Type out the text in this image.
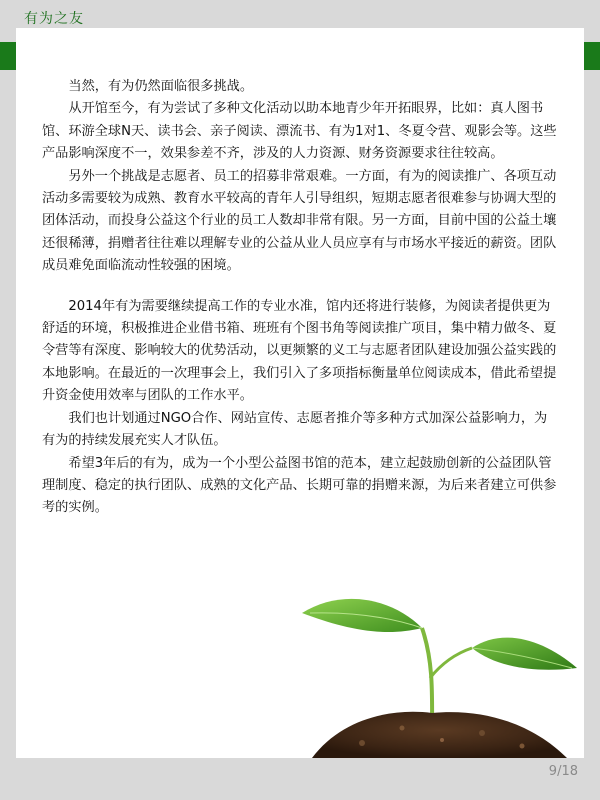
有为之友

当然，有为仍然面临很多挑战。

从开馆至今，有为尝试了多种文化活动以助本地青少年开拓眼界，比如：真人图书馆、环游全球N天、读书会、亲子阅读、漂流书、有为1对1、冬夏令营、观影会等。这些产品影响深度不一，效果参差不齐，涉及的人力资源、财务资源要求往往较高。

另外一个挑战是志愿者、员工的招募非常艰难。一方面，有为的阅读推广、各项互动活动多需要较为成熟、教育水平较高的青年人引导组织，短期志愿者很难参与协调大型的团体活动，而投身公益这个行业的员工人数却非常有限。另一方面，目前中国的公益土壤还很稀薄，捐赠者往往难以理解专业的公益从业人员应享有与市场水平接近的薪资。团队成员难免面临流动性较强的困境。

2014年有为需要继续提高工作的专业水准，馆内还将进行装修，为阅读者提供更为舒适的环境，积极推进企业借书箱、班班有个图书角等阅读推广项目，集中精力做冬、夏令营等有深度、影响较大的优势活动，以更频繁的义工与志愿者团队建设加强公益实践的本地影响。在最近的一次理事会上，我们引入了多项指标衡量单位阅读成本，借此希望提升资金使用效率与团队的工作水平。

我们也计划通过NGO合作、网站宣传、志愿者推介等多种方式加深公益影响力，为有为的持续发展充实人才队伍。

希望3年后的有为，成为一个小型公益图书馆的范本，建立起鼓励创新的公益团队管理制度、稳定的执行团队、成熟的文化产品、长期可靠的捐赠来源，为后来者建立可供参考的实例。

9/18
